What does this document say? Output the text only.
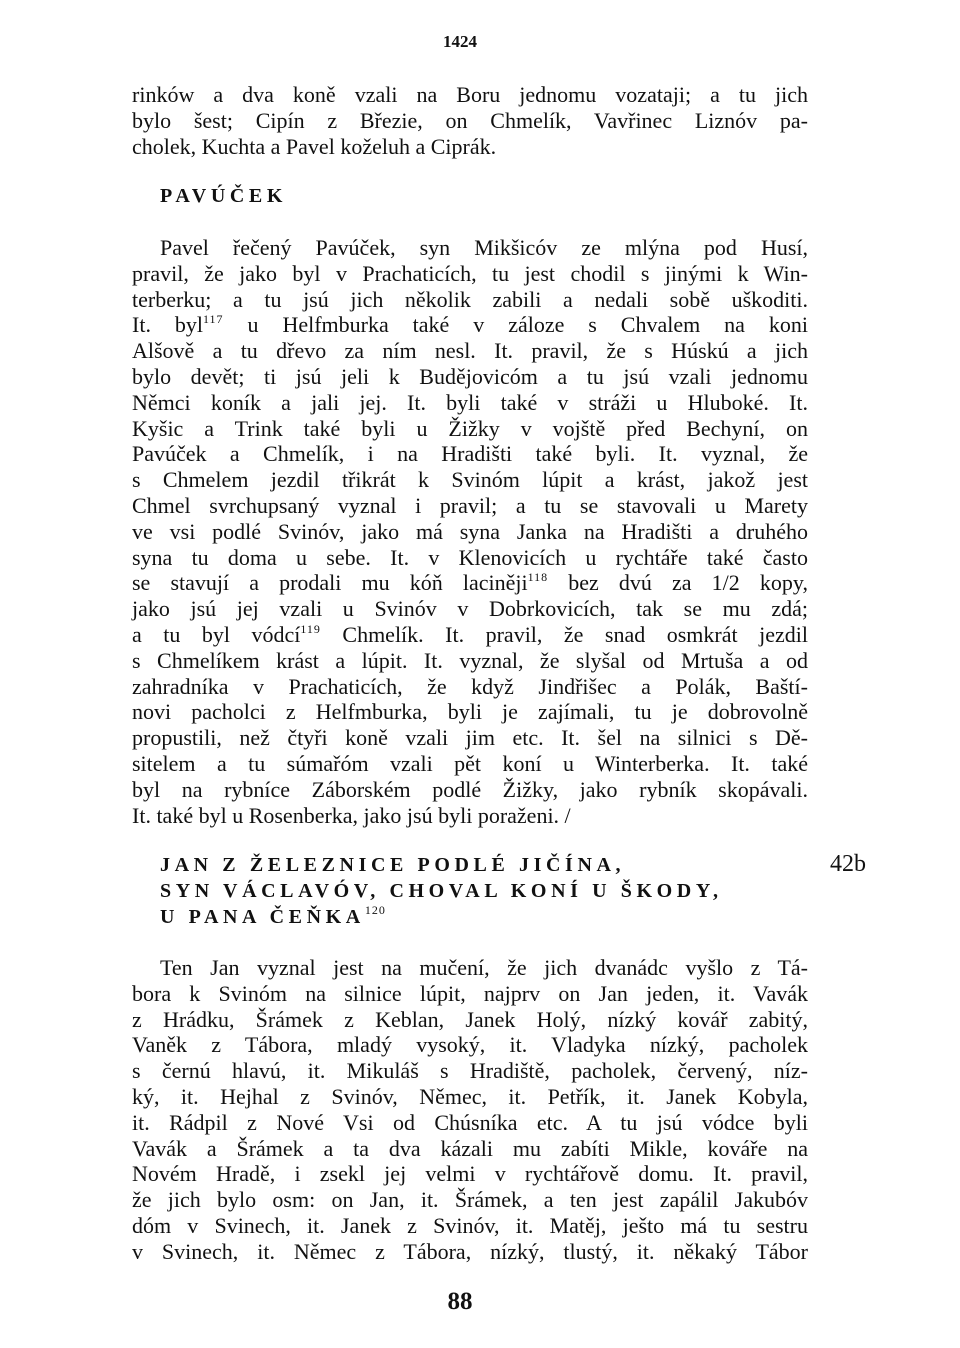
1424
rinków a dva koně vzali na Boru jednomu vozataji; a tu jich
bylo šest; Cipín z Březie, on Chmelík, Vavřinec Liznóv pa-
cholek, Kuchta a Pavel koželuh a Ciprák.
PAVÚČEK
Pavel řečený Pavúček, syn Mikšicóv ze mlýna pod Husí,
pravil, že jako byl v Prachaticích, tu jest chodil s jinými k Win-
terberku; a tu jsú jich několik zabili a nedali sobě uškoditi.
It. byl$^{117}$ u Helfmburka také v záloze s Chvalem na koni
Alšově a tu dřevo za ním nesl. It. pravil, že s Húskú a jich
bylo devět; ti jsú jeli k Budějovicóm a tu jsú vzali jednomu
Němci koník a jali jej. It. byli také v stráži u Hluboké. It.
Kyšic a Trink také byli u Žižky v vojště před Bechyní, on
Pavúček a Chmelík, i na Hradišti také byli. It. vyznal, že
s Chmelem jezdil třikrát k Svinóm lúpit a krást, jakož jest
Chmel svrchupsaný vyznal i pravil; a tu se stavovali u Marety
ve vsi podlé Svinóv, jako má syna Janka na Hradišti a druhého
syna tu doma u sebe. It. v Klenovicích u rychtáře také často
se stavují a prodali mu kóň laciněji$^{118}$ bez dvú za 1/2 kopy,
jako jsú jej vzali u Svinóv v Dobrkovicích, tak se mu zdá;
a tu byl vódcí$^{119}$ Chmelík. It. pravil, že snad osmkrát jezdil
s Chmelíkem krást a lúpit. It. vyznal, že slyšal od Mrtuša a od
zahradníka v Prachaticích, že když Jindřišec a Polák, Baští-
novi pacholci z Helfmburka, byli je zajímali, tu je dobrovolně
propustili, než čtyři koně vzali jim etc. It. šel na silnici s Dě-
sitelem a tu súmařóm vzali pět koní u Winterberka. It. také
byl na rybníce Záborském podlé Žižky, jako rybník skopávali.
It. také byl u Rosenberka, jako jsú byli poraženi. /
JAN Z ŽELEZNICE PODLÉ JIČÍNA,
SYN VÁCLAVÓV, CHOVAL KONÍ U ŠKODY,
U PANA ČEŇKA$^{120}$
42b
Ten Jan vyznal jest na mučení, že jich dvanádc vyšlo z Tá-
bora k Svinóm na silnice lúpit, najprv on Jan jeden, it. Vavák
z Hrádku, Šrámek z Keblan, Janek Holý, nízký kovář zabitý,
Vaněk z Tábora, mladý vysoký, it. Vladyka nízký, pacholek
s černú hlavú, it. Mikuláš s Hradiště, pacholek, červený, níz-
ký, it. Hejhal z Svinóv, Němec, it. Petřík, it. Janek Kobyla,
it. Rádpil z Nové Vsi od Chúsníka etc. A tu jsú vódce byli
Vavák a Šrámek a ta dva kázali mu zabíti Mikle, kováře na
Novém Hradě, i zsekl jej velmi v rychtářově domu. It. pravil,
že jich bylo osm: on Jan, it. Šrámek, a ten jest zapálil Jakubóv
dóm v Svinech, it. Janek z Svinóv, it. Matěj, ješto má tu sestru
v Svinech, it. Němec z Tábora, nízký, tlustý, it. někaký Tábor
88
